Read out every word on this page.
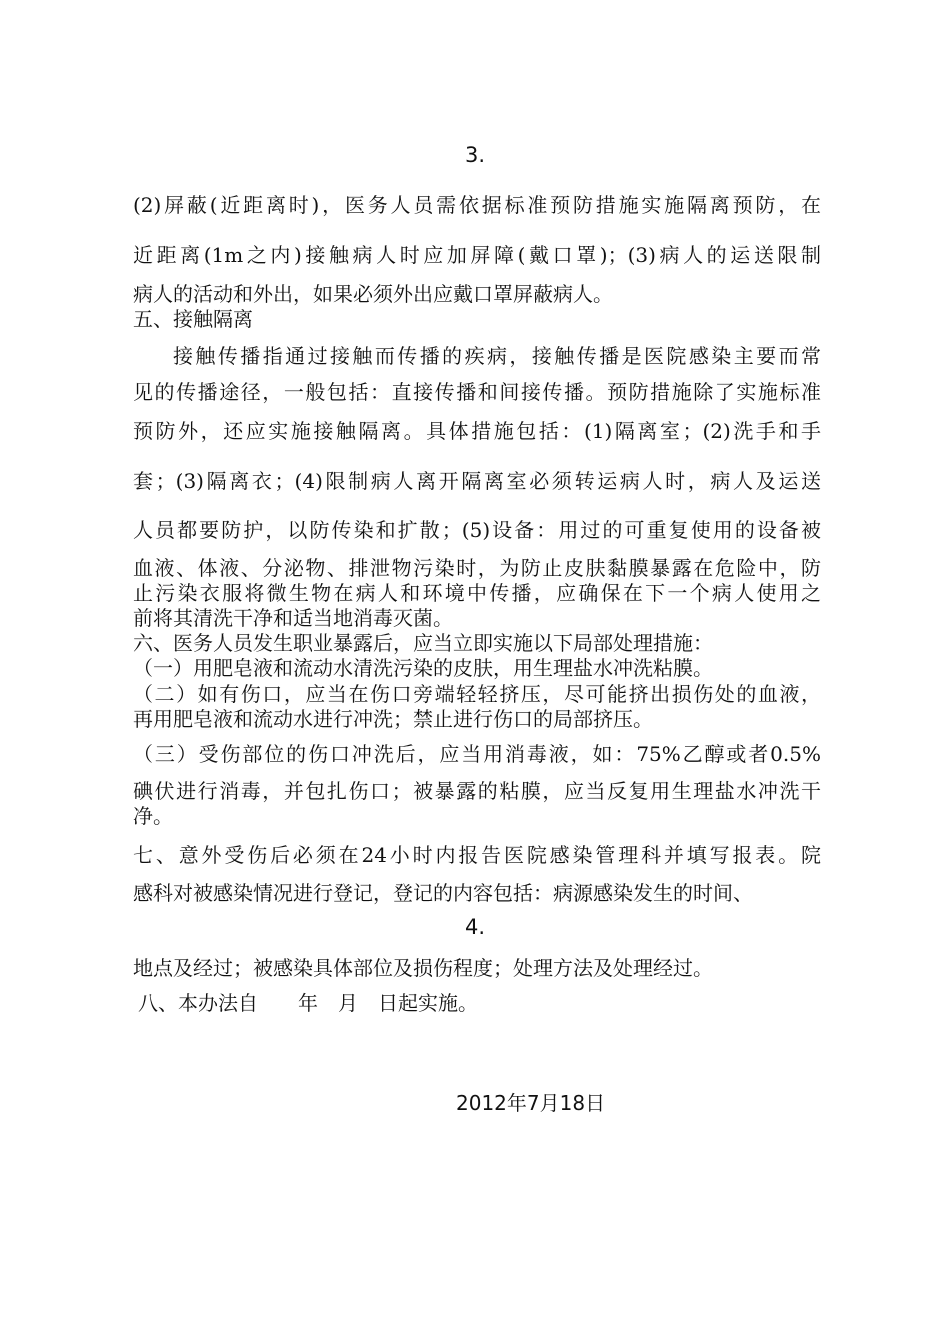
3.
(2)屏蔽(近距离时)，医务人员需依据标准预防措施实施隔离预防，在
近距离(1m之内)接触病人时应加屏障(戴口罩)；(3)病人的运送限制
病人的活动和外出，如果必须外出应戴口罩屏蔽病人。
五、接触隔离
接触传播指通过接触而传播的疾病，接触传播是医院感染主要而常
见的传播途径，一般包括：直接传播和间接传播。预防措施除了实施标准
预防外，还应实施接触隔离。具体措施包括：(1)隔离室；(2)洗手和手
套；(3)隔离衣；(4)限制病人离开隔离室必须转运病人时，病人及运送
人员都要防护，以防传染和扩散；(5)设备：用过的可重复使用的设备被
血液、体液、分泌物、排泄物污染时，为防止皮肤黏膜暴露在危险中，防
止污染衣服将微生物在病人和环境中传播，应确保在下一个病人使用之
前将其清洗干净和适当地消毒灭菌。
六、医务人员发生职业暴露后，应当立即实施以下局部处理措施：
（一）用肥皂液和流动水清洗污染的皮肤，用生理盐水冲洗粘膜。
（二）如有伤口，应当在伤口旁端轻轻挤压，尽可能挤出损伤处的血液，
再用肥皂液和流动水进行冲洗；禁止进行伤口的局部挤压。
（三）受伤部位的伤口冲洗后，应当用消毒液，如：75%乙醇或者0.5%
碘伏进行消毒，并包扎伤口；被暴露的粘膜，应当反复用生理盐水冲洗干
净。
七、意外受伤后必须在24小时内报告医院感染管理科并填写报表。院
感科对被感染情况进行登记，登记的内容包括：病源感染发生的时间、
4.
地点及经过；被感染具体部位及损伤程度；处理方法及处理经过。
八、本办法自　　年　月　日起实施。
2012年7月18日
